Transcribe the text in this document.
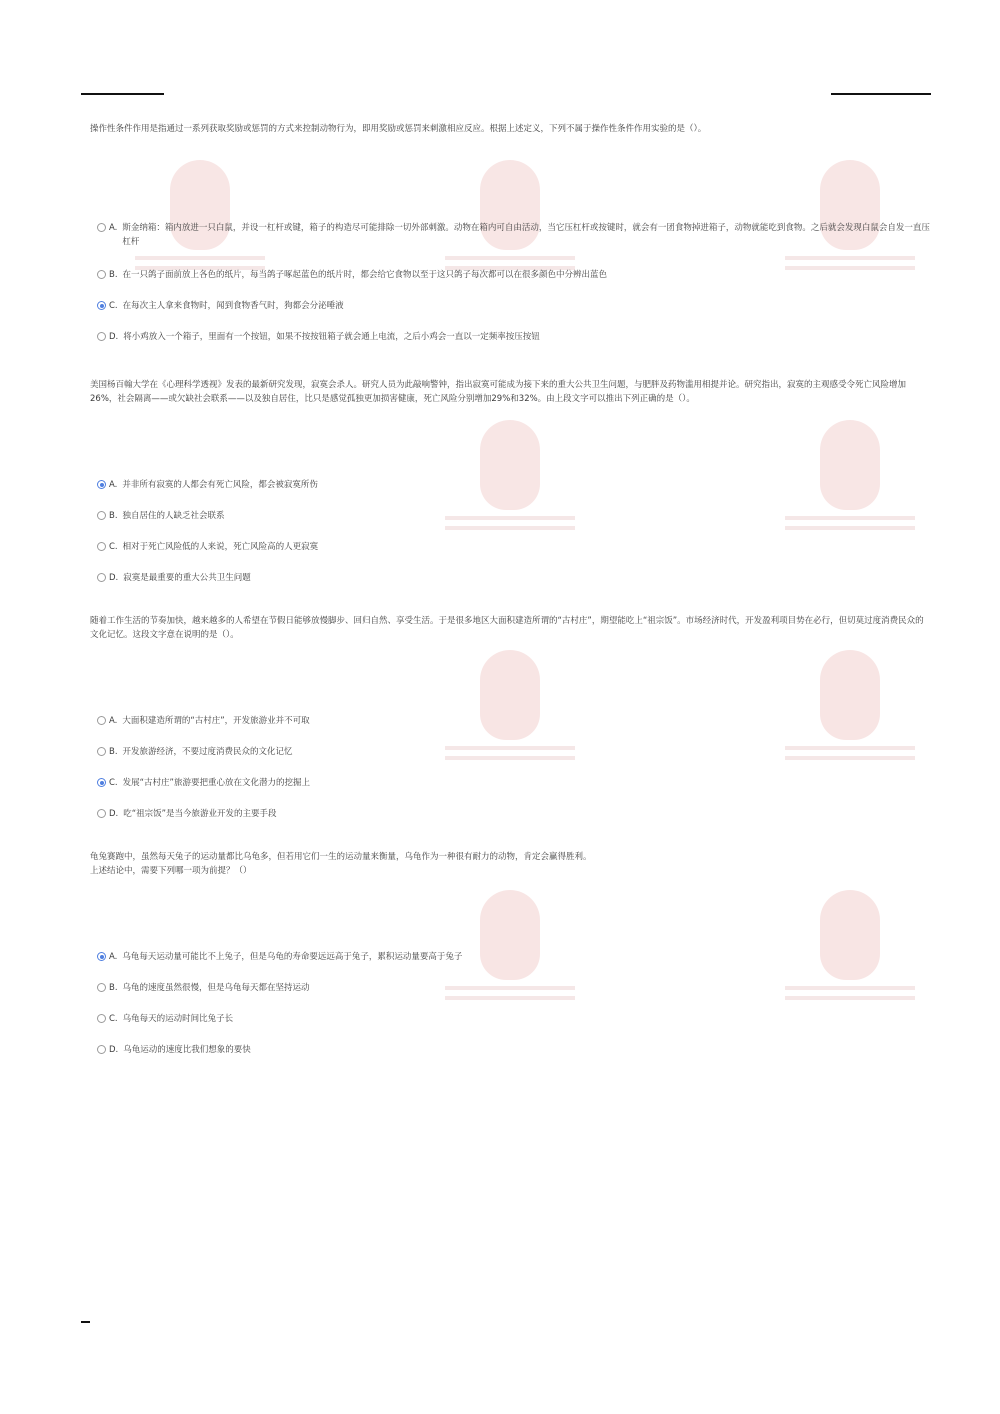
操作性条件作用是指通过一系列获取奖励或惩罚的方式来控制动物行为，即用奖励或惩罚来刺激相应反应。根据上述定义，下列不属于操作性条件作用实验的是（）。

A. 斯金纳箱：箱内放进一只白鼠，并设一杠杆或键，箱子的构造尽可能排除一切外部刺激。动物在箱内可自由活动，当它压杠杆或按键时，就会有一团食物掉进箱子，动物就能吃到食物。之后就会发现白鼠会自发一直压杠杆
B. 在一只鸽子面前放上各色的纸片，每当鸽子啄起蓝色的纸片时，都会给它食物以至于这只鸽子每次都可以在很多颜色中分辨出蓝色
C. 在每次主人拿来食物时，闻到食物香气时，狗都会分泌唾液
D. 将小鸡放入一个箱子，里面有一个按钮，如果不按按钮箱子就会通上电流，之后小鸡会一直以一定频率按压按钮

美国杨百翰大学在《心理科学透视》发表的最新研究发现，寂寞会杀人。研究人员为此敲响警钟，指出寂寞可能成为接下来的重大公共卫生问题，与肥胖及药物滥用相提并论。研究指出，寂寞的主观感受令死亡风险增加26%，社会隔离——或欠缺社会联系——以及独自居住，比只是感觉孤独更加损害健康，死亡风险分别增加29%和32%。由上段文字可以推出下列正确的是（）。

A. 并非所有寂寞的人都会有死亡风险，都会被寂寞所伤
B. 独自居住的人缺乏社会联系
C. 相对于死亡风险低的人来说，死亡风险高的人更寂寞
D. 寂寞是最重要的重大公共卫生问题

随着工作生活的节奏加快，越来越多的人希望在节假日能够放慢脚步、回归自然、享受生活。于是很多地区大面积建造所谓的“古村庄”，期望能吃上“祖宗饭”。市场经济时代，开发盈利项目势在必行，但切莫过度消费民众的文化记忆。这段文字意在说明的是（）。

A. 大面积建造所谓的“古村庄”，开发旅游业并不可取
B. 开发旅游经济，不要过度消费民众的文化记忆
C. 发展“古村庄”旅游要把重心放在文化潜力的挖掘上
D. 吃“祖宗饭”是当今旅游业开发的主要手段

龟兔赛跑中，虽然每天兔子的运动量都比乌龟多，但若用它们一生的运动量来衡量，乌龟作为一种很有耐力的动物，肯定会赢得胜利。
上述结论中，需要下列哪一项为前提？（）

A. 乌龟每天运动量可能比不上兔子，但是乌龟的寿命要远远高于兔子，累积运动量要高于兔子
B. 乌龟的速度虽然很慢，但是乌龟每天都在坚持运动
C. 乌龟每天的运动时间比兔子长
D. 乌龟运动的速度比我们想象的要快
